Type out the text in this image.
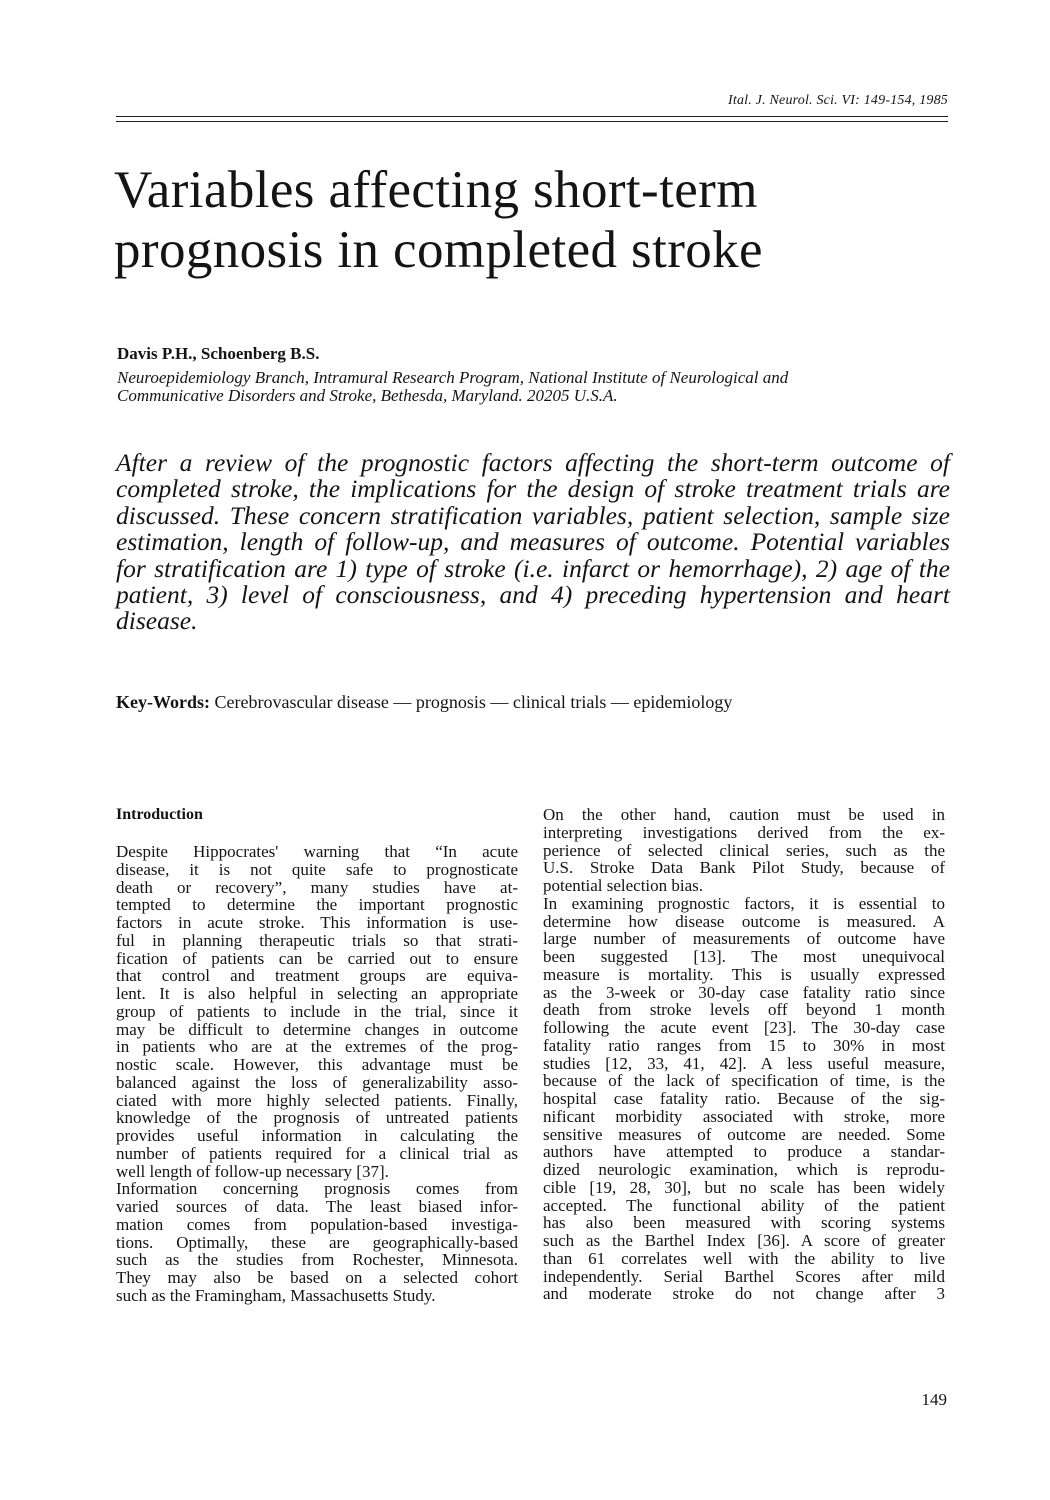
Ital. J. Neurol. Sci. VI: 149-154, 1985
Variables affecting short-term
prognosis in completed stroke
Davis P.H., Schoenberg B.S.
Neuroepidemiology Branch, Intramural Research Program, National Institute of Neurological and
Communicative Disorders and Stroke, Bethesda, Maryland. 20205 U.S.A.
After a review of the prognostic factors affecting the short-term outcome of
completed stroke, the implications for the design of stroke treatment trials are
discussed. These concern stratification variables, patient selection, sample size
estimation, length of follow-up, and measures of outcome. Potential variables
for stratification are 1) type of stroke (i.e. infarct or hemorrhage), 2) age of the
patient, 3) level of consciousness, and 4) preceding hypertension and heart
disease.
Key-Words: Cerebrovascular disease — prognosis — clinical trials — epidemiology
Introduction
Despite Hippocrates' warning that “In acute
disease, it is not quite safe to prognosticate
death or recovery”, many studies have at-
tempted to determine the important prognostic
factors in acute stroke. This information is use-
ful in planning therapeutic trials so that strati-
fication of patients can be carried out to ensure
that control and treatment groups are equiva-
lent. It is also helpful in selecting an appropriate
group of patients to include in the trial, since it
may be difficult to determine changes in outcome
in patients who are at the extremes of the prog-
nostic scale. However, this advantage must be
balanced against the loss of generalizability asso-
ciated with more highly selected patients. Finally,
knowledge of the prognosis of untreated patients
provides useful information in calculating the
number of patients required for a clinical trial as
well length of follow-up necessary [37].
Information concerning prognosis comes from
varied sources of data. The least biased infor-
mation comes from population-based investiga-
tions. Optimally, these are geographically-based
such as the studies from Rochester, Minnesota.
They may also be based on a selected cohort
such as the Framingham, Massachusetts Study.
On the other hand, caution must be used in
interpreting investigations derived from the ex-
perience of selected clinical series, such as the
U.S. Stroke Data Bank Pilot Study, because of
potential selection bias.
In examining prognostic factors, it is essential to
determine how disease outcome is measured. A
large number of measurements of outcome have
been suggested [13]. The most unequivocal
measure is mortality. This is usually expressed
as the 3-week or 30-day case fatality ratio since
death from stroke levels off beyond 1 month
following the acute event [23]. The 30-day case
fatality ratio ranges from 15 to 30% in most
studies [12, 33, 41, 42]. A less useful measure,
because of the lack of specification of time, is the
hospital case fatality ratio. Because of the sig-
nificant morbidity associated with stroke, more
sensitive measures of outcome are needed. Some
authors have attempted to produce a standar-
dized neurologic examination, which is reprodu-
cible [19, 28, 30], but no scale has been widely
accepted. The functional ability of the patient
has also been measured with scoring systems
such as the Barthel Index [36]. A score of greater
than 61 correlates well with the ability to live
independently. Serial Barthel Scores after mild
and moderate stroke do not change after 3
149
